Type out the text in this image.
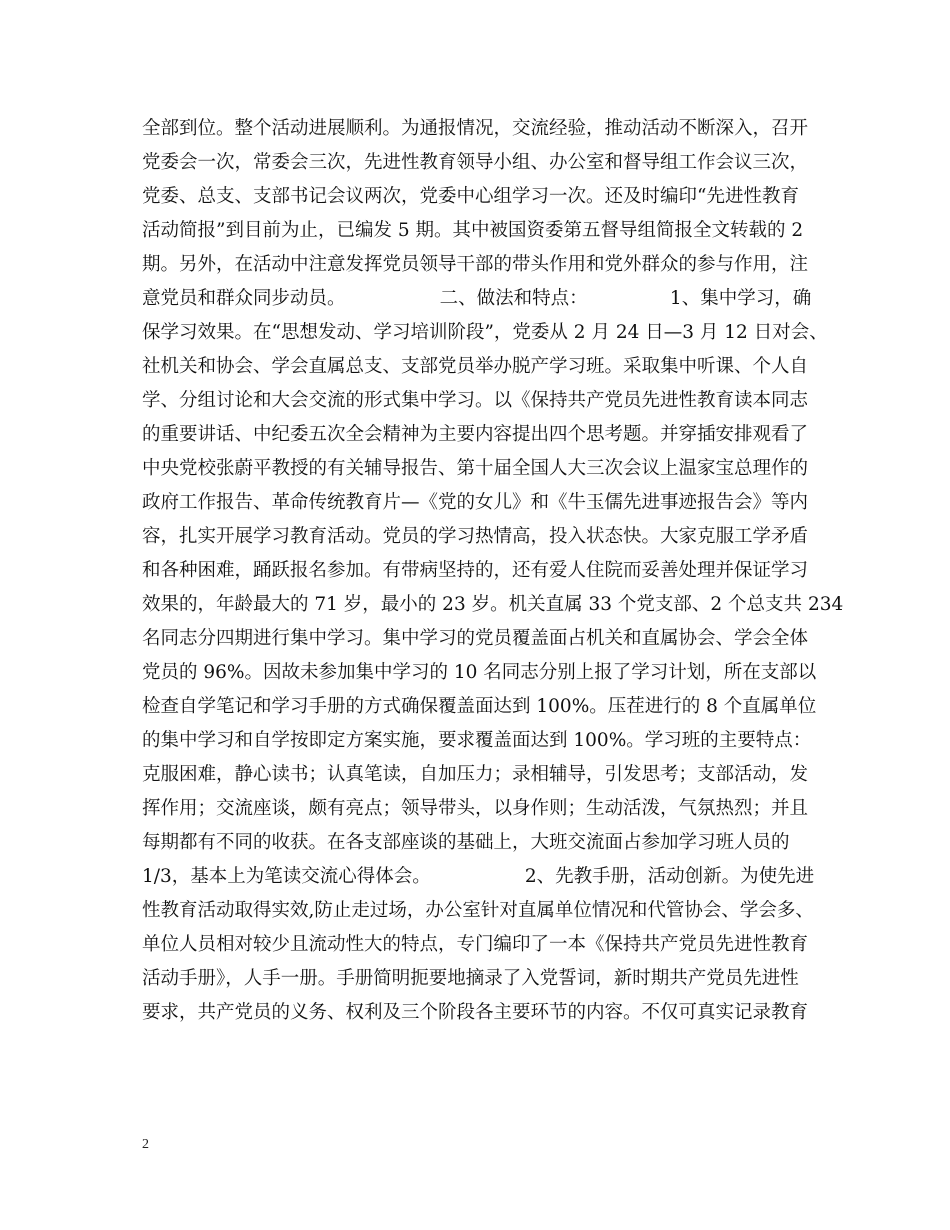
全部到位。整个活动进展顺利。为通报情况，交流经验，推动活动不断深入，召开
党委会一次，常委会三次，先进性教育领导小组、办公室和督导组工作会议三次，
党委、总支、支部书记会议两次，党委中心组学习一次。还及时编印“先进性教育
活动简报”到目前为止，已编发 5 期。其中被国资委第五督导组简报全文转载的 2
期。另外，在活动中注意发挥党员领导干部的带头作用和党外群众的参与作用，注
意党员和群众同步动员。                二、做法和特点：              1、集中学习，确
保学习效果。在“思想发动、学习培训阶段”，党委从 2 月 24 日—3 月 12 日对会、
社机关和协会、学会直属总支、支部党员举办脱产学习班。采取集中听课、个人自
学、分组讨论和大会交流的形式集中学习。以《保持共产党员先进性教育读本同志
的重要讲话、中纪委五次全会精神为主要内容提出四个思考题。并穿插安排观看了
中央党校张蔚平教授的有关辅导报告、第十届全国人大三次会议上温家宝总理作的
政府工作报告、革命传统教育片—《党的女儿》和《牛玉儒先进事迹报告会》等内
容，扎实开展学习教育活动。党员的学习热情高，投入状态快。大家克服工学矛盾
和各种困难，踊跃报名参加。有带病坚持的，还有爱人住院而妥善处理并保证学习
效果的，年龄最大的 71 岁，最小的 23 岁。机关直属 33 个党支部、2 个总支共 234
名同志分四期进行集中学习。集中学习的党员覆盖面占机关和直属协会、学会全体
党员的 96%。因故未参加集中学习的 10 名同志分别上报了学习计划，所在支部以
检查自学笔记和学习手册的方式确保覆盖面达到 100%。压茬进行的 8 个直属单位
的集中学习和自学按即定方案实施，要求覆盖面达到 100%。学习班的主要特点：
克服困难，静心读书；认真笔读，自加压力；录相辅导，引发思考；支部活动，发
挥作用；交流座谈，颇有亮点；领导带头，以身作则；生动活泼，气氛热烈；并且
每期都有不同的收获。在各支部座谈的基础上，大班交流面占参加学习班人员的
1/3，基本上为笔读交流心得体会。                2、先教手册，活动创新。为使先进
性教育活动取得实效,防止走过场，办公室针对直属单位情况和代管协会、学会多、
单位人员相对较少且流动性大的特点，专门编印了一本《保持共产党员先进性教育
活动手册》，人手一册。手册简明扼要地摘录了入党誓词，新时期共产党员先进性
要求，共产党员的义务、权利及三个阶段各主要环节的内容。不仅可真实记录教育
2
